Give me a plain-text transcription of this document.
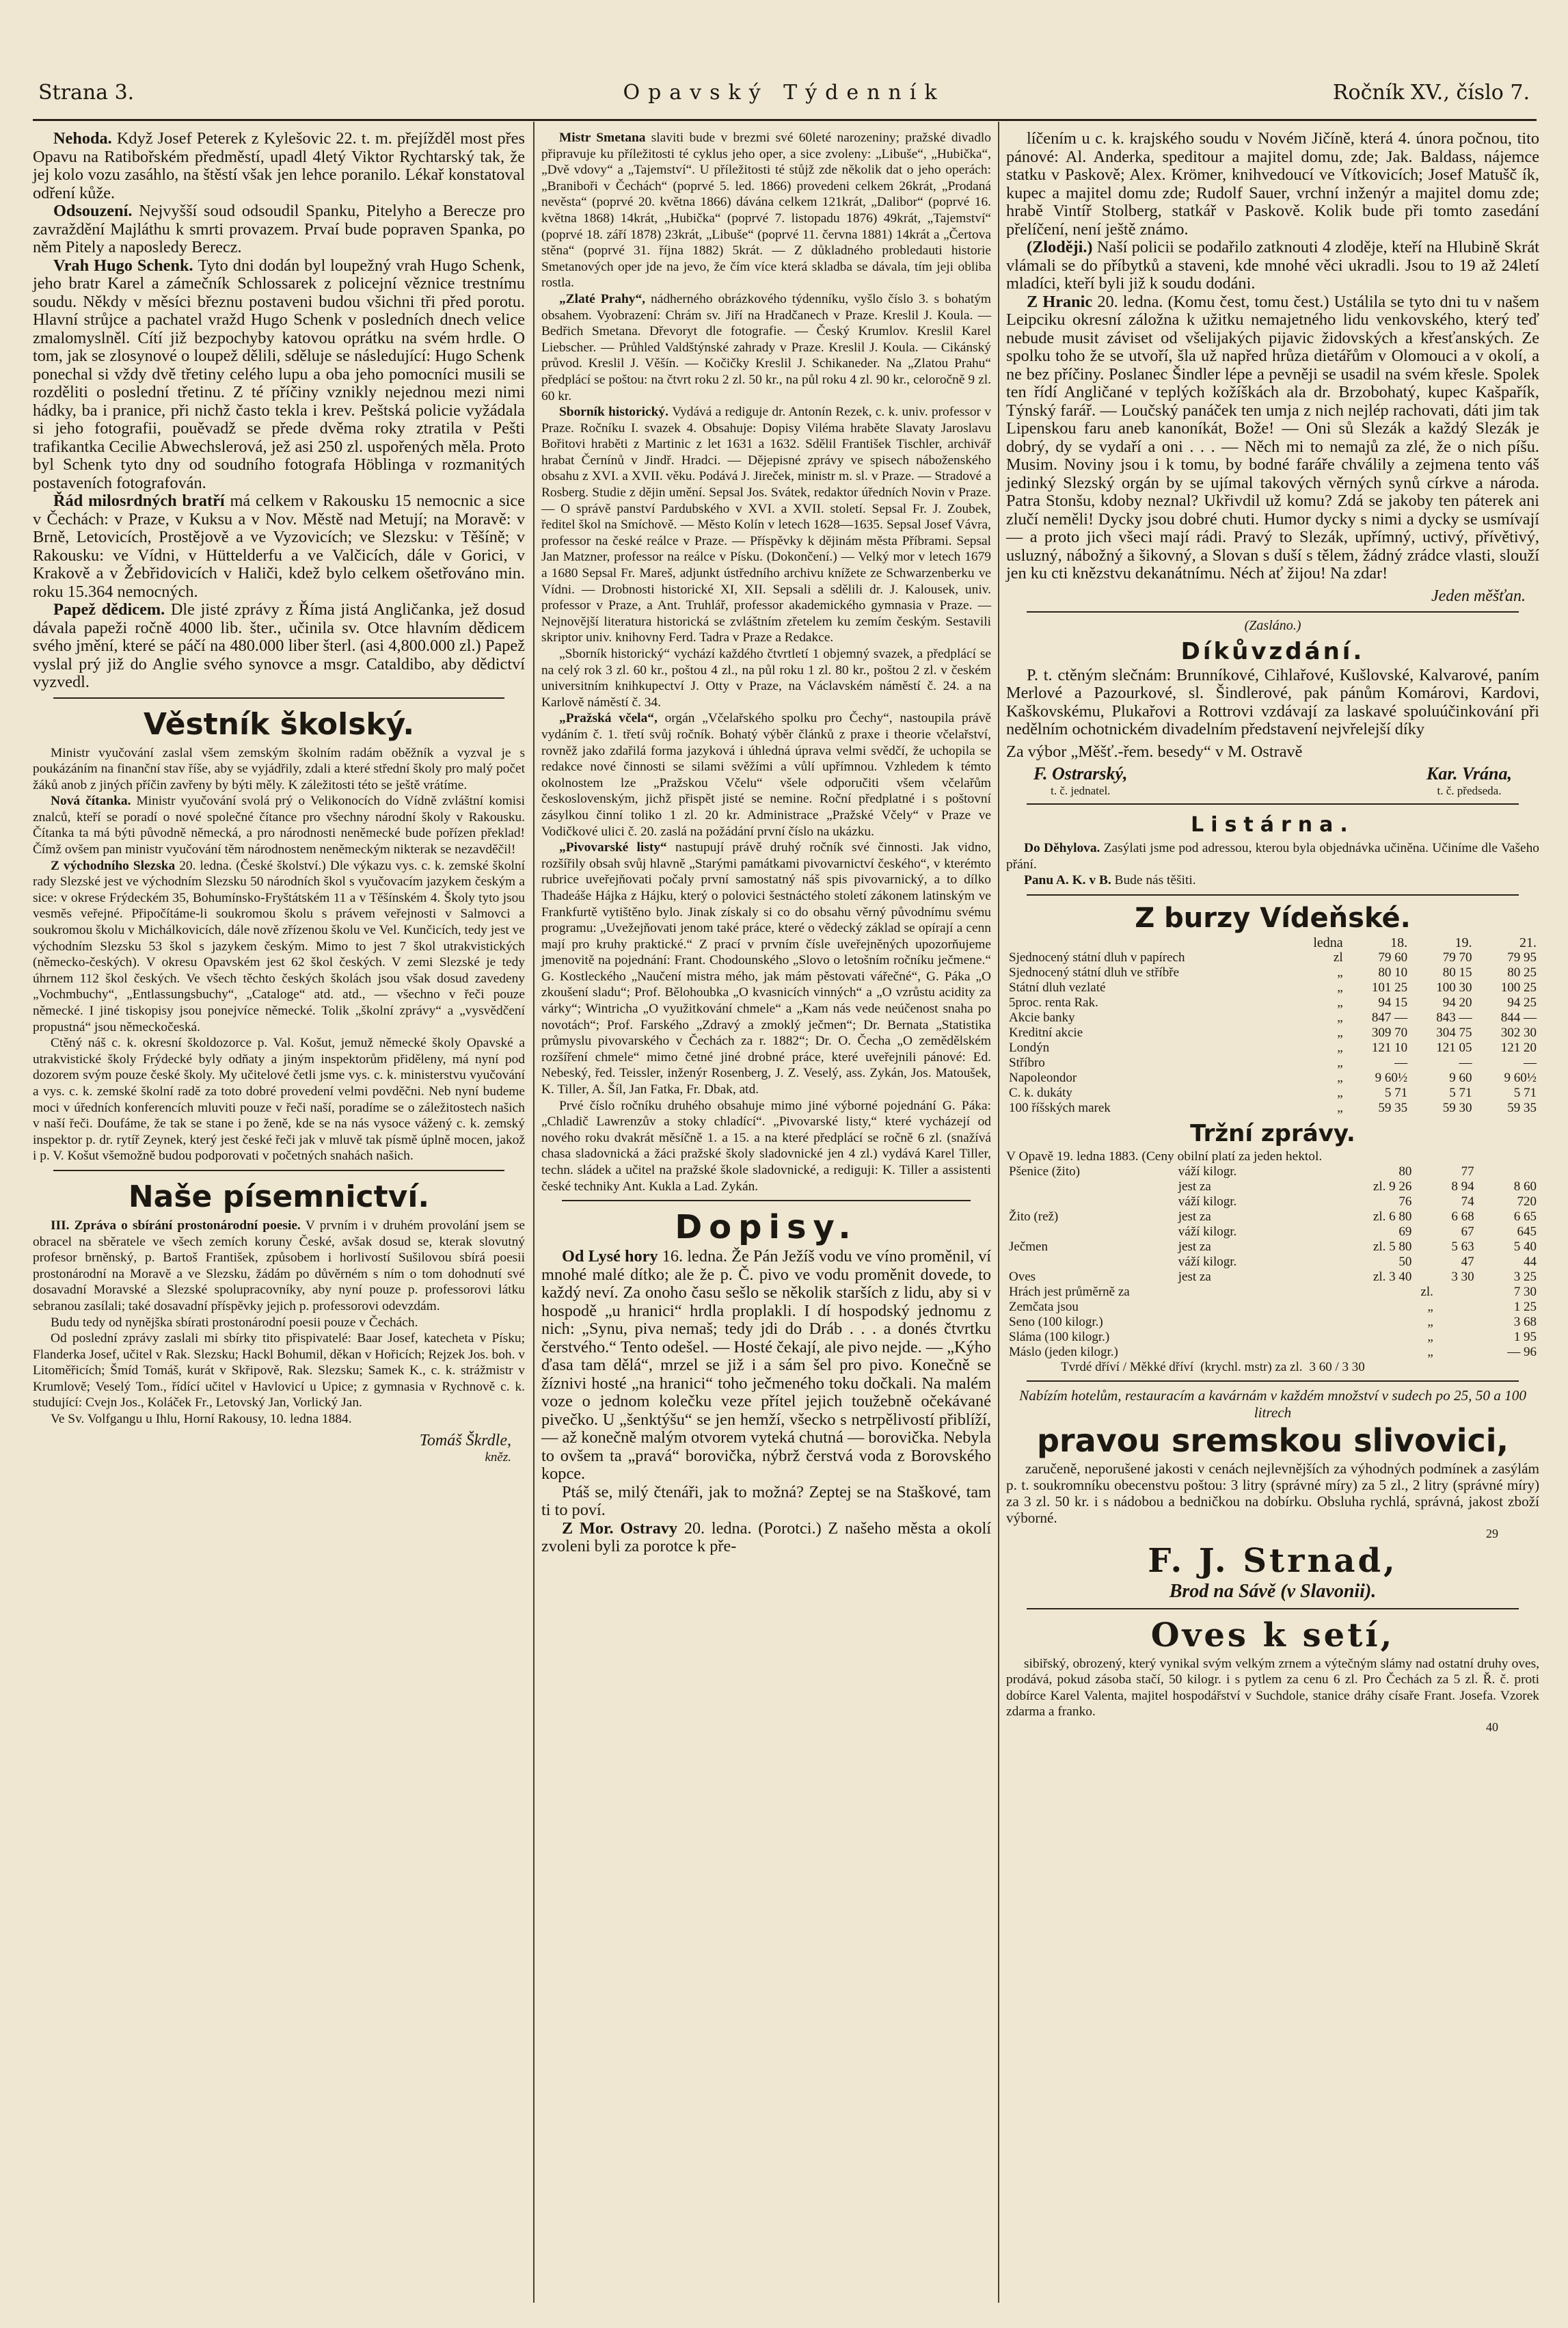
Strana 3.	Opavský Týdenník	Ročník XV., číslo 7.

Nehoda. Když Josef Peterek z Kylešovic 22. t. m. přejížděl most přes Opavu na Ratibořském předměstí, upadl 4letý Viktor Rychtarský tak, že jej kolo vozu zasáhlo, na štěstí však jen lehce poranilo. Lékař konstatoval odření kůže.

Odsouzení. Nejvyšší soud odsoudil Spanku, Pitelyho a Berecze pro zavraždění Majláthu k smrti provazem. Prvaí bude popraven Spanka, po něm Pitely a naposledy Berecz.

Vrah Hugo Schenk. Tyto dni dodán byl loupežný vrah Hugo Schenk, jeho bratr Karel a zámečník Schlossarek z policejní věznice trestnímu soudu. Někdy v měsíci březnu postaveni budou všichni tři před porotu. Hlavní strůjce a pachatel vražd Hugo Schenk v posledních dnech velice zmalomyslněl. Cítí již bezpochyby katovou oprátku na svém hrdle. O tom, jak se zlosynové o loupež dělili, sděluje se následující: Hugo Schenk ponechal si vždy dvě třetiny celého lupu a oba jeho pomocníci musili se rozděliti o poslední třetinu. Z té příčiny vznikly nejednou mezi nimi hádky, ba i pranice, při nichž často tekla i krev. Peštská policie vyžádala si jeho fotografii, pouěvadž se přede dvěma roky ztratila v Pešti trafikantka Cecilie Abwechslerová, jež asi 250 zl. uspořených měla. Proto byl Schenk tyto dny od soudního fotografa Höblinga v rozmanitých postaveních fotografován.

Řád milosrdných bratří má celkem v Rakousku 15 nemocnic a sice v Čechách: v Praze, v Kuksu a v Nov. Městě nad Metují; na Moravě: v Brně, Letovicích, Prostějově a ve Vyzovicích; ve Slezsku: v Těšíně; v Rakousku: ve Vídni, v Hüttelderfu a ve Valčicích, dále v Gorici, v Krakově a v Žebřidovicích v Haliči, kdež bylo celkem ošetřováno min. roku 15.364 nemocných.

Papež dědicem. Dle jisté zprávy z Říma jistá Angličanka, jež dosud dávala papeži ročně 4000 lib. šter., učinila sv. Otce hlavním dědicem svého jmění, které se páčí na 480.000 liber šterl. (asi 4,800.000 zl.) Papež vyslal prý již do Anglie svého synovce a msgr. Cataldibo, aby dědictví vyzvedl.

Věstník školský.

Ministr vyučování zaslal všem zemským školním radám oběžník a vyzval je s poukázáním na finanční stav říše, aby se vyjádřily, zdali a které střední školy pro malý počet žáků anob z jiných příčin zavřeny by býti měly. K záležitosti této se ještě vrátíme.

Nová čítanka. Ministr vyučování svolá prý o Velikonocích do Vídně zvláštní komisi znalců, kteří se poradí o nové společné čítance pro všechny národní školy v Rakousku. Čítanka ta má býti původně německá, a pro národnosti neněmecké bude pořízen překlad! Čímž ovšem pan ministr vyučování těm národnostem neněmeckým nikterak se nezavděčil!

Z východního Slezska 20. ledna. (České školství.) Dle výkazu vys. c. k. zemské školní rady Slezské jest ve východním Slezsku 50 národních škol s vyučovacím jazykem českým a sice: v okrese Frýdeckém 35, Bohumínsko-Fryštátském 11 a v Těšínském 4. Školy tyto jsou vesměs veřejné. Připočítáme-li soukromou školu s právem veřejnosti v Salmovci a soukromou školu v Michálkovicích, dále nově zřízenou školu ve Vel. Kunčicích, tedy jest ve východním Slezsku 53 škol s jazykem českým. Mimo to jest 7 škol utrakvistických (německo-českých). V okresu Opavském jest 62 škol českých. V zemi Slezské je tedy úhrnem 112 škol českých. Ve všech těchto českých školách jsou však dosud zavedeny „Vochmbuchy“, „Entlassungsbuchy“, „Cataloge“ atd. atd., — všechno v řeči pouze německé. I jiné tiskopisy jsou ponejvíce německé. Tolik „školní zprávy“ a „vysvědčení propustná“ jsou německočeská.

Ctěný náš c. k. okresní školdozorce p. Val. Košut, jemuž německé školy Opavské a utrakvistické školy Frýdecké byly odňaty a jiným inspektorům přiděleny, má nyní pod dozorem svým pouze české školy. My učitelové četli jsme vys. c. k. ministerstvu vyučování a vys. c. k. zemské školní radě za toto dobré provedení velmi povděčni. Neb nyní budeme moci v úředních konferencích mluviti pouze v řeči naší, poradíme se o záležitostech našich v naší řeči. Doufáme, že tak se stane i po ženě, kde se na nás vysoce vážený c. k. zemský inspektor p. dr. rytíř Zeynek, který jest české řeči jak v mluvě tak písmě úplně mocen, jakož i p. V. Košut všemožně budou podporovati v početných snahách našich.

Naše písemnictví.

III. Zpráva o sbírání prostonárodní poesie. V prvním i v druhém provolání jsem se obracel na sběratele ve všech zemích koruny České, avšak dosud se, kterak slovutný profesor brněnský, p. Bartoš František, způsobem i horlivostí Sušilovou sbírá poesii prostonárodní na Moravě a ve Slezsku, žádám po důvěrném s ním o tom dohodnutí své dosavadní Moravské a Slezské spolupracovníky, aby nyní pouze p. professorovi látku sebranou zasílali; také dosavadní příspěvky jejich p. professorovi odevzdám.

Budu tedy od nynějška sbírati prostonárodní poesii pouze v Čechách.

Od poslední zprávy zaslali mi sbírky tito přispivatelé: Baar Josef, katecheta v Písku; Flanderka Josef, učitel v Rak. Slezsku; Hackl Bohumil, děkan v Hořicích; Rejzek Jos. boh. v Litoměřicích; Šmíd Tomáš, kurát v Skřipově, Rak. Slezsku; Samek K., c. k. strážmistr v Krumlově; Veselý Tom., řídící učitel v Havlovicí u Upice; z gymnasia v Rychnově c. k. studující: Cvejn Jos., Koláček Fr., Letovský Jan, Vorlický Jan.

Ve Sv. Volfgangu u Ihlu, Horní Rakousy, 10. ledna 1884.

Tomáš Škrdle,
kněz.

Mistr Smetana slaviti bude v brezmi své 60leté narozeniny; pražské divadlo připravuje ku příležitosti té cyklus jeho oper, a sice zvoleny: „Libuše“, „Hubička“, „Dvě vdovy“ a „Tajemství“. U příležitosti té stůjž zde několik dat o jeho operách: „Braniboři v Čechách“ (poprvé 5. led. 1866) provedeni celkem 26krát, „Prodaná nevěsta“ (poprvé 20. května 1866) dávána celkem 121krát, „Dalibor“ (poprvé 16. května 1868) 14krát, „Hubička“ (poprvé 7. listopadu 1876) 49krát, „Tajemství“ (poprvé 18. září 1878) 23krát, „Libuše“ (poprvé 11. června 1881) 14krát a „Čertova stěna“ (poprvé 31. října 1882) 5krát. — Z důkladného probledauti historie Smetanových oper jde na jevo, že čím více která skladba se dávala, tím jeji obliba rostla.

„Zlaté Prahy“, nádherného obrázkového týdenníku, vyšlo číslo 3. s bohatým obsahem. Vyobrazení: Chrám sv. Jiří na Hradčanech v Praze. Kreslil J. Koula. — Bedřich Smetana. Dřevoryt dle fotografie. — Český Krumlov. Kreslil Karel Liebscher. — Průhled Valdštýnské zahrady v Praze. Kreslil J. Koula. — Cikánský průvod. Kreslil J. Věšín. — Kočičky Kreslil J. Schikaneder. Na „Zlatou Prahu“ předplácí se poštou: na čtvrt roku 2 zl. 50 kr., na půl roku 4 zl. 90 kr., celoročně 9 zl. 60 kr.

Sborník historický. Vydává a rediguje dr. Antonín Rezek, c. k. univ. professor v Praze. Ročníku I. svazek 4. Obsahuje: Dopisy Viléma hraběte Slavaty Jaroslavu Bořitovi hraběti z Martinic z let 1631 a 1632. Sdělil František Tischler, archivář hrabat Černínů v Jindř. Hradci. — Dějepisné zprávy ve spisech náboženského obsahu z XVI. a XVII. věku. Podává J. Jireček, ministr m. sl. v Praze. — Stradové a Rosberg. Studie z dějin umění. Sepsal Jos. Svátek, redaktor úředních Novin v Praze. — O správě panství Pardubského v XVI. a XVII. století. Sepsal Fr. J. Zoubek, ředitel škol na Smíchově. — Město Kolín v letech 1628—1635. Sepsal Josef Vávra, professor na české reálce v Praze. — Příspěvky k dějinám města Příbrami. Sepsal Jan Matzner, professor na reálce v Písku. (Dokončení.) — Velký mor v letech 1679 a 1680 Sepsal Fr. Mareš, adjunkt ústředního archivu knížete ze Schwarzenberku ve Vídni. — Drobnosti historické XI, XII. Sepsali a sdělili dr. J. Kalousek, univ. professor v Praze, a Ant. Truhlář, professor akademického gymnasia v Praze. — Nejnovější literatura historická se zvláštním zřetelem ku zemím českým. Sestavili skriptor univ. knihovny Ferd. Tadra v Praze a Redakce.

„Sborník historický“ vychází každého čtvrtletí 1 objemný svazek, a předplácí se na celý rok 3 zl. 60 kr., poštou 4 zl., na půl roku 1 zl. 80 kr., poštou 2 zl. v českém universitním knihkupectví J. Otty v Praze, na Václavském náměstí č. 24. a na Karlově náměstí č. 34.

„Pražská včela“, orgán „Včelařského spolku pro Čechy“, nastoupila právě vydáním č. 1. třetí svůj ročník. Bohatý výběr článků z praxe i theorie včelařství, rovněž jako zdařilá forma jazyková i úhledná úprava velmi svědčí, že uchopila se redakce nové činnosti se silami svěžími a vůlí upřímnou. Vzhledem k témto okolnostem lze „Pražskou Včelu“ všele odporučiti všem včelařům československým, jichž přispět jisté se nemine. Roční předplatné i s poštovní zásylkou činní toliko 1 zl. 20 kr. Administrace „Pražské Včely“ v Praze ve Vodičkové ulici č. 20. zaslá na požádání první číslo na ukázku.

„Pivovarské listy“ nastupují právě druhý ročník své činnosti. Jak vidno, rozšířily obsah svůj hlavně „Starými památkami pivovarnictví českého“, v kterémto rubrice uveřejňovati počaly první samostatný náš spis pivovarnický, a to dílko Thadeáše Hájka z Hájku, který o polovici šestnáctého století zákonem latinským ve Frankfurtě vytištěno bylo. Jinak získaly si co do obsahu věrný původnímu svému programu: „Uvežejňovati jenom také práce, které o vědecký základ se opírají a cenn mají pro kruhy praktické.“ Z prací v prvním čísle uveřejněných upozorňujeme jmenovitě na pojednání: Frant. Chodounského „Slovo o letošním ročníku ječmene.“ G. Kostleckého „Naučení mistra mého, jak mám pěstovati vářečné“, G. Páka „O zkoušení sladu“; Prof. Bělohoubka „O kvasnicích vinných“ a „O vzrůstu acidity za várky“; Wintricha „O využitkování chmele“ a „Kam nás vede neúčenost snaha po novotách“; Prof. Farského „Zdravý a zmoklý ječmen“; Dr. Bernata „Statistika průmyslu pivovarského v Čechách za r. 1882“; Dr. O. Čecha „O zemědělském rozšíření chmele“ mimo četné jiné drobné práce, které uveřejnili pánové: Ed. Nebeský, řed. Teissler, inženýr Rosenberg, J. Z. Veselý, ass. Zykán, Jos. Matoušek, K. Tiller, A. Šíl, Jan Fatka, Fr. Dbak, atd.

Prvé číslo ročníku druhého obsahuje mimo jiné výborné pojednání G. Páka: „Chladič Lawrenzův a stoky chladící“. „Pivovarské listy,“ které vycházejí od nového roku dvakrát měsíčně 1. a 15. a na které předplácí se ročně 6 zl. (snažívá chasa sladovnická a žáci pražské školy sladovnické jen 4 zl.) vydává Karel Tiller, techn. sládek a učitel na pražské škole sladovnické, a rediguji: K. Tiller a assistenti české techniky Ant. Kukla a Lad. Zykán.

Dopisy.

Od Lysé hory 16. ledna. Že Pán Ježíš vodu ve víno proměnil, ví mnohé malé dítko; ale že p. Č. pivo ve vodu proměnit dovede, to každý neví. Za onoho času sešlo se několik starších z lidu, aby si v hospodě „u hranici“ hrdla proplakli. I dí hospodský jednomu z nich: „Synu, piva nemaš; tedy jdi do Dráb . . . a donés čtvrtku čerstvého.“ Tento odešel. — Hosté čekají, ale pivo nejde. — „Kýho ďasa tam dělá“, mrzel se již i a sám šel pro pivo. Konečně se žíznivi hosté „na hranici“ toho ječmeného toku dočkali. Na malém voze o jednom kolečku veze přítel jejich toužebně očekávané pivečko. U „šenktýšu“ se jen hemží, všecko s netrpělivostí přiblíží, — až konečně malým otvorem vyteká chutná — borovička. Nebyla to ovšem ta „pravá“ borovička, nýbrž čerstvá voda z Borovského kopce.

Ptáš se, milý čtenáři, jak to možná? Zeptej se na Staškové, tam ti to poví.

Z Mor. Ostravy 20. ledna. (Porotci.) Z našeho města a okolí zvoleni byli za porotce k pře-

líčením u c. k. krajského soudu v Novém Jičíně, která 4. února počnou, tito pánové: Al. Anderka, speditour a majitel domu, zde; Jak. Baldass, nájemce statku v Paskově; Alex. Krömer, knihvedoucí ve Vítkovicích; Josef Matušč ík, kupec a majitel domu zde; Rudolf Sauer, vrchní inženýr a majitel domu zde; hrabě Vintíř Stolberg, statkář v Paskově. Kolik bude při tomto zasedání přelíčení, není ještě známo.

(Zloději.) Naší policii se podařilo zatknouti 4 zloděje, kteří na Hlubině Skrát vlámali se do příbytků a staveni, kde mnohé věci ukradli. Jsou to 19 až 24letí mladíci, kteří byli již k soudu dodáni.

Z Hranic 20. ledna. (Komu čest, tomu čest.) Ustálila se tyto dni tu v našem Leipciku okresní záložna k užitku nemajetného lidu venkovského, který teď nebude musit záviset od všelijakých pijavic židovských a křesťanských. Ze spolku toho že se utvoří, šla už napřed hrůza dietářům v Olomouci a v okolí, a ne bez příčiny. Poslanec Šindler lépe a pevněji se usadil na svém křesle. Spolek ten řídí Angličané v teplých kožíškách ala dr. Brzobohatý, kupec Kašpařík, Týnský farář. — Loučský panáček ten umja z nich nejlép rachovati, dáti jim tak Lipenskou faru aneb kanoníkát, Bože! — Oni sů Slezák a každý Slezák je dobrý, dy se vydaří a oni . . . — Něch mi to nemajů za zlé, že o nich píšu. Musim. Noviny jsou i k tomu, by bodné faráře chválily a zejmena tento váš jedinký Slezský orgán by se ujímal takových věrných synů církve a národa. Patra Stonšu, kdoby neznal? Ukřivdil už komu? Zdá se jakoby ten páterek ani zlučí neměli! Dycky jsou dobré chuti. Humor dycky s nimi a dycky se usmívají — a proto jich všeci mají rádi. Pravý to Slezák, upřímný, uctivý, přívětivý, usluzný, nábožný a šikovný, a Slovan s duší s tělem, žádný zrádce vlasti, slouží jen ku cti knězstvu dekanátnímu. Néch ať žijou! Na zdar!

Jeden měšťan.
(Zasláno.)
Díkůvzdání.

P. t. ctěným slečnám: Brunníkové, Cihlařové, Kušlovské, Kalvarové, paním Merlové a Pazourkové, sl. Šindlerové, pak pánům Komárovi, Kardovi, Kaškovskému, Plukařovi a Rottrovi vzdávají za laskavé spoluúčinkování při nedělním ochotnickém divadelním představení nejvřelejší díky

Za výbor „Měšť.-řem. besedy“ v M. Ostravě

F. Ostrarský,
t. č. jednatel.
Kar. Vrána,
t. č. předseda.
Listárna.

Do Děhylova. Zasýlati jsme pod adressou, kterou byla objednávka učiněna. Učiníme dle Vašeho přání.

Panu A. K. v B. Bude nás těšiti.

Z burzy Vídeňské.
	ledna	18.	19.	21.
Sjednocený státní dluh v papírech	zl	79 60	79 70	79 95
Sjednocený státní dluh ve stříbře	„	80 10	80 15	80 25
Státní dluh vezlaté	„	101 25	100 30	100 25
5proc. renta Rak.	„	94 15	94 20	94 25
Akcie banky	„	847 —	843 —	844 —
Kreditní akcie	„	309 70	304 75	302 30
Londýn	„	121 10	121 05	121 20
Stříbro	„	—	—	—
Napoleondor	„	9 60½	9 60	9 60½
C. k. dukáty	„	5 71	5 71	5 71
100 říšských marek	„	59 35	59 30	59 35
Tržní zprávy.

V Opavě 19. ledna 1883. (Ceny obilní platí za jeden hektol.

Pšenice (žito)	váží kilogr.	80	77	
	jest za	zl. 9 26	8 94	8 60
	váží kilogr.	76	74	720
Žito (rež)	jest za	zl. 6 80	6 68	6 65
	váží kilogr.	69	67	645
Ječmen	jest za	zl. 5 80	5 63	5 40
	váží kilogr.	50	47	44
Oves	jest za	zl. 3 40	3 30	3 25
Hrách jest průměrně za	zl.	7 30
Zemčata jsou	„	1 25
Seno (100 kilogr.)	„	3 68
Sláma (100 kilogr.)	„	1 95
Máslo (jeden kilogr.)	„	— 96
Tvrdé dříví / Měkké dříví (krychl. mstr) za zl. 3 60 / 3 30

Nabízím hotelům, restauracím a kavárnám v každém množství v sudech po 25, 50 a 100 litrech

pravou sremskou slivovici,

zaručeně, neporušené jakosti v cenách nejlevnějších za výhodných podmínek a zasýlám p. t. soukromníku obecenstvu poštou: 3 litry (správné míry) za 5 zl., 2 litry (správné míry) za 3 zl. 50 kr. i s nádobou a bedničkou na dobírku. Obsluha rychlá, správná, jakost zboží výborné.

29
F. J. Strnad,
Brod na Sávě (v Slavonii).
Oves k setí,

sibiřský, obrozený, který vynikal svým velkým zrnem a výtečným slámy nad ostatní druhy oves, prodává, pokud zásoba stačí, 50 kilogr. i s pytlem za cenu 6 zl. Pro Čechách za 5 zl. Ř. č. proti dobírce Karel Valenta, majitel hospodářství v Suchdole, stanice dráhy císaře Frant. Josefa. Vzorek zdarma a franko.

40
